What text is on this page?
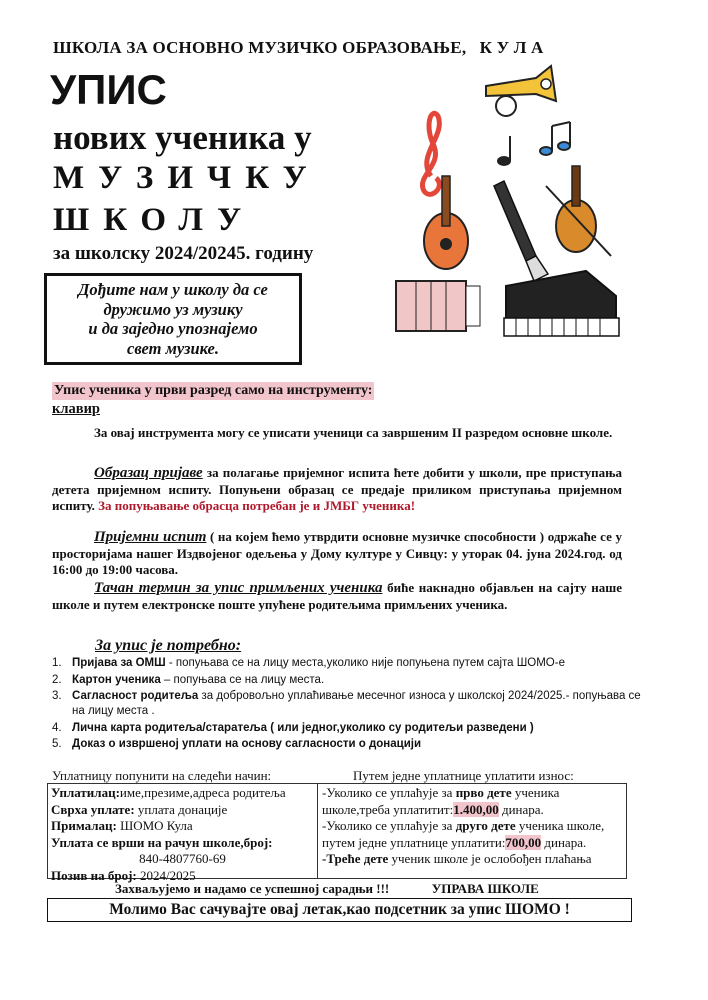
ШКОЛА ЗА ОСНОВНО МУЗИЧКО ОБРАЗОВАЊЕ, К У Л А
УПИС
нових ученика у
МУЗИЧКУ
ШКОЛУ
за школску 2024/20245. годину
Дођите нам у школу да се
дружимо уз музику
и да заједно упознајемо
свет музике.
Упис ученика у први разред само на инструменту:
клавир
За овај инструмента могу се уписати ученици са завршеним II разредом основне школе.
Образац пријаве за полагање пријемног испита ћете добити у школи, пре приступања детета пријемном испиту. Попуњени образац се предаје приликом приступања пријемном испиту. За попуњавање обрасца потребан је и ЈМБГ ученика!
Пријемни испит ( на којем ћемо утврдити основне музичке способности ) одржаће се у просторијама нашег Издвојеног одељења у Дому културе у Сивцу: у уторак 04. јуна 2024.год. од 16:00 до 19:00 часова.
Тачан термин за упис примљених ученика биће накнадно објављен на сајту наше школе и путем електронске поште упућене родитељима примљених ученика.
За упис је потребно:
1. Пријава за ОМШ - попуњава се на лицу места,уколико није попуњена путем сајта ШОМО-е
2. Картон ученика – попуњава се на лицу места.
3. Сагласност родитеља за добровољно уплаћивање месечног износа у школској 2024/2025.- попуњава се на лицу места .
4. Лична карта родитеља/старатеља ( или једног,уколико су родитељи разведени )
5. Доказ о извршеној уплати на основу сагласности о донацији
Уплатницу попунити на следећи начин:	Путем једне уплатнице уплатити износ:
Уплатилац:име,презиме,адреса родитеља
Сврха уплате: уплата донације
Прималац: ШОМО Кула
Уплата се врши на рачун школе,број:
840-4807760-69
Позив на број: 2024/2025
-Уколико се уплаћује за прво дете ученика школе,треба уплатитит:1.400,00 динара.
-Уколико се уплаћује за друго дете ученика школе, путем једне уплатнице уплатити:700,00 динара.
-Треће дете ученик школе је ослобођен плаћања
Захваљујемо и надамо се успешној сарадњи !!!	УПРАВА ШКОЛЕ
Молимо Вас сачувајте овај летак,као подсетник за упис ШОМО !
